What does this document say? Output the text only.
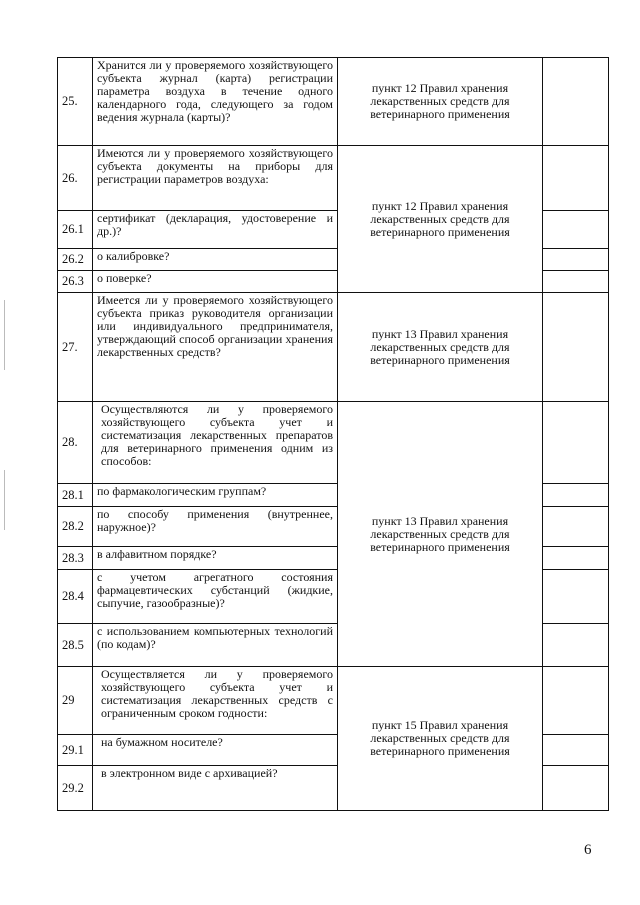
25.	Хранится ли у проверяемого хозяйствующего субъекта журнал (карта) регистрации параметра воздуха в течение одного календарного года, следующего за годом ведения журнала (карты)?	пункт 12 Правил хранения лекарственных средств для ветеринарного применения	
26.	Имеются ли у проверяемого хозяйствующего субъекта документы на приборы для регистрации параметров воздуха:	пункт 12 Правил хранения лекарственных средств для ветеринарного применения	
26.1	сертификат (декларация, удостоверение и др.)?		
26.2	о калибровке?		
26.3	о поверке?		
27.	Имеется ли у проверяемого хозяйствующего субъекта приказ руководителя организации или индивидуального предпринимателя, утверждающий способ организации хранения лекарственных средств?	пункт 13 Правил хранения лекарственных средств для ветеринарного применения	
28.	Осуществляются ли у проверяемого хозяйствующего субъекта учет и систематизация лекарственных препаратов для ветеринарного применения одним из способов:	пункт 13 Правил хранения лекарственных средств для ветеринарного применения	
28.1	по фармакологическим группам?		
28.2	по способу применения (внутреннее, наружное)?		
28.3	в алфавитном порядке?		
28.4	с учетом агрегатного состояния фармацевтических субстанций (жидкие, сыпучие, газообразные)?		
28.5	с использованием компьютерных технологий (по кодам)?		
29	Осуществляется ли у проверяемого хозяйствующего субъекта учет и систематизация лекарственных средств с ограниченным сроком годности:	пункт 15 Правил хранения лекарственных средств для ветеринарного применения	
29.1	на бумажном носителе?		
29.2	в электронном виде с архивацией?		
6
